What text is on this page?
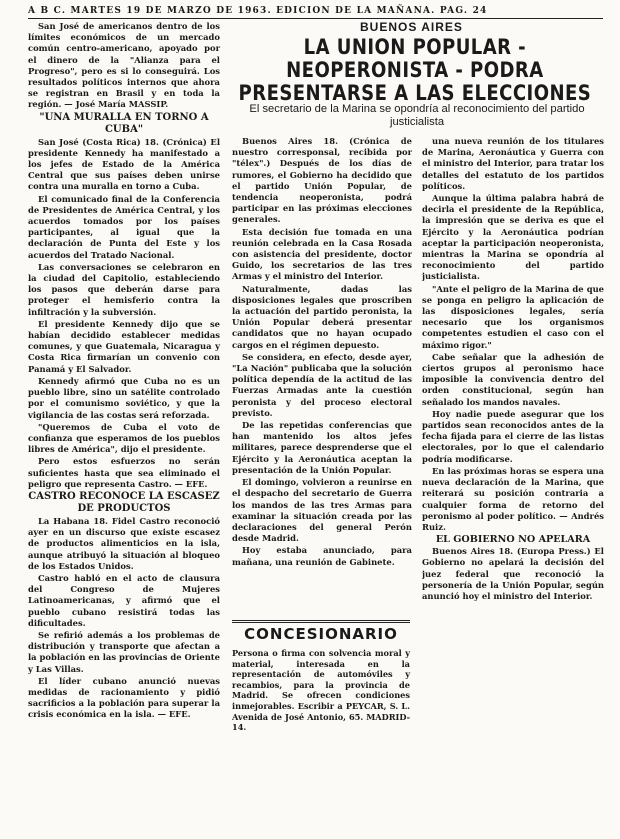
A B C. MARTES 19 DE MARZO DE 1963. EDICION DE LA MAÑANA. PAG. 24
BUENOS AIRES
LA UNION POPULAR - NEOPERONISTA - PODRA PRESENTARSE A LAS ELECCIONES
El secretario de la Marina se opondría al reconocimiento del partido justicialista

San José de americanos dentro de los límites económicos de un mercado común centro-americano, apoyado por el dinero de la "Alianza para el Progreso", pero es si lo conseguirá. Los resultados políticos internos que ahora se registran en Brasil y en toda la región. — José María MASSIP.

"UNA MURALLA EN TORNO A CUBA"

San José (Costa Rica) 18. (Crónica) El presidente Kennedy ha manifestado a los jefes de Estado de la América Central que sus países deben unirse contra una muralla en torno a Cuba.

El comunicado final de la Conferencia de Presidentes de América Central, y los acuerdos tomados por los países participantes, al igual que la declaración de Punta del Este y los acuerdos del Tratado Nacional.

Las conversaciones se celebraron en la ciudad del Capitolio, estableciendo los pasos que deberán darse para proteger el hemisferio contra la infiltración y la subversión.

El presidente Kennedy dijo que se habían decidido establecer medidas comunes, y que Guatemala, Nicaragua y Costa Rica firmarían un convenio con Panamá y El Salvador.

Kennedy afirmó que Cuba no es un pueblo libre, sino un satélite controlado por el comunismo soviético, y que la vigilancia de las costas será reforzada.

"Queremos de Cuba el voto de confianza que esperamos de los pueblos libres de América", dijo el presidente.

Pero estos esfuerzos no serán suficientes hasta que sea eliminado el peligro que representa Castro. — EFE.

CASTRO RECONOCE LA ESCASEZ DE PRODUCTOS

La Habana 18. Fidel Castro reconoció ayer en un discurso que existe escasez de productos alimenticios en la isla, aunque atribuyó la situación al bloqueo de los Estados Unidos.

Castro habló en el acto de clausura del Congreso de Mujeres Latinoamericanas, y afirmó que el pueblo cubano resistirá todas las dificultades.

Se refirió además a los problemas de distribución y transporte que afectan a la población en las provincias de Oriente y Las Villas.

El líder cubano anunció nuevas medidas de racionamiento y pidió sacrificios a la población para superar la crisis económica en la isla. — EFE.

Buenos Aires 18. (Crónica de nuestro corresponsal, recibida por "télex".) Después de los días de rumores, el Gobierno ha decidido que el partido Unión Popular, de tendencia neoperonista, podrá participar en las próximas elecciones generales.

Esta decisión fue tomada en una reunión celebrada en la Casa Rosada con asistencia del presidente, doctor Guido, los secretarios de las tres Armas y el ministro del Interior.

Naturalmente, dadas las disposiciones legales que proscriben la actuación del partido peronista, la Unión Popular deberá presentar candidatos que no hayan ocupado cargos en el régimen depuesto.

Se considera, en efecto, desde ayer, "La Nación" publicaba que la solución política dependía de la actitud de las Fuerzas Armadas ante la cuestión peronista y del proceso electoral previsto.

De las repetidas conferencias que han mantenido los altos jefes militares, parece desprenderse que el Ejército y la Aeronáutica aceptan la presentación de la Unión Popular.

El domingo, volvieron a reunirse en el despacho del secretario de Guerra los mandos de las tres Armas para examinar la situación creada por las declaraciones del general Perón desde Madrid.

Hoy estaba anunciado, para mañana, una reunión de Gabinete.

CONCESIONARIO

Persona o firma con solvencia moral y material, interesada en la representación de automóviles y recambios, para la provincia de Madrid. Se ofrecen condiciones inmejorables. Escribir a PEYCAR, S. L. Avenida de José Antonio, 65. MADRID-14.

una nueva reunión de los titulares de Marina, Aeronáutica y Guerra con el ministro del Interior, para tratar los detalles del estatuto de los partidos políticos.

Aunque la última palabra habrá de decirla el presidente de la República, la impresión que se deriva es que el Ejército y la Aeronáutica podrían aceptar la participación neoperonista, mientras la Marina se opondría al reconocimiento del partido justicialista.

"Ante el peligro de la Marina de que se ponga en peligro la aplicación de las disposiciones legales, sería necesario que los organismos competentes estudien el caso con el máximo rigor."

Cabe señalar que la adhesión de ciertos grupos al peronismo hace imposible la convivencia dentro del orden constitucional, según han señalado los mandos navales.

Hoy nadie puede asegurar que los partidos sean reconocidos antes de la fecha fijada para el cierre de las listas electorales, por lo que el calendario podría modificarse.

En las próximas horas se espera una nueva declaración de la Marina, que reiterará su posición contraria a cualquier forma de retorno del peronismo al poder político. — Andrés Ruiz.

EL GOBIERNO NO APELARA

Buenos Aires 18. (Europa Press.) El Gobierno no apelará la decisión del juez federal que reconoció la personería de la Unión Popular, según anunció hoy el ministro del Interior.
